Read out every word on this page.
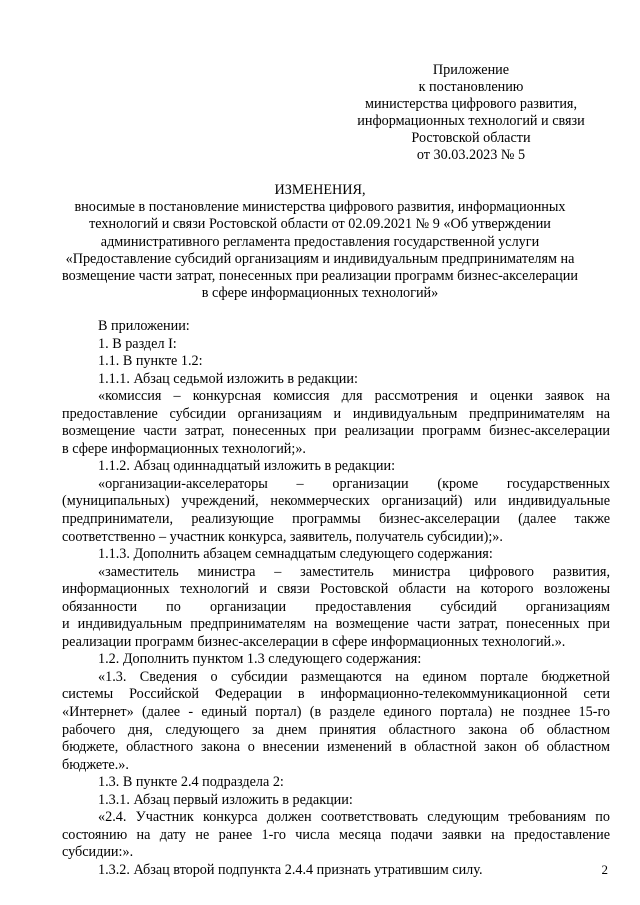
Приложение
к постановлению
министерства цифрового развития,
информационных технологий и связи
Ростовской области
от 30.03.2023 № 5
ИЗМЕНЕНИЯ,
вносимые в постановление министерства цифрового развития, информационных
технологий и связи Ростовской области от 02.09.2021 № 9 «Об утверждении
административного регламента предоставления государственной услуги
«Предоставление субсидий организациям и индивидуальным предпринимателям на
возмещение части затрат, понесенных при реализации программ бизнес-акселерации
в сфере информационных технологий»
В приложении:
1. В раздел I:
1.1. В пункте 1.2:
1.1.1. Абзац седьмой изложить в редакции:
«комиссия – конкурсная комиссия для рассмотрения и оценки заявок на
предоставление субсидии организациям и индивидуальным предпринимателям на
возмещение части затрат, понесенных при реализации программ бизнес-акселерации
в сфере информационных технологий;».
1.1.2. Абзац одиннадцатый изложить в редакции:
«организации-акселераторы – организации (кроме государственных
(муниципальных) учреждений, некоммерческих организаций) или индивидуальные
предприниматели, реализующие программы бизнес-акселерации (далее также
соответственно – участник конкурса, заявитель, получатель субсидии);».
1.1.3. Дополнить абзацем семнадцатым следующего содержания:
«заместитель министра – заместитель министра цифрового развития,
информационных технологий и связи Ростовской области на которого возложены
обязанности по организации предоставления субсидий организациям
и индивидуальным предпринимателям на возмещение части затрат, понесенных при
реализации программ бизнес-акселерации в сфере информационных технологий.».
1.2. Дополнить пунктом 1.3 следующего содержания:
«1.3. Сведения о субсидии размещаются на едином портале бюджетной
системы Российской Федерации в информационно-телекоммуникационной сети
«Интернет» (далее - единый портал) (в разделе единого портала) не позднее 15-го
рабочего дня, следующего за днем принятия областного закона об областном
бюджете, областного закона о внесении изменений в областной закон об областном
бюджете.».
1.3. В пункте 2.4 подраздела 2:
1.3.1. Абзац первый изложить в редакции:
«2.4. Участник конкурса должен соответствовать следующим требованиям по
состоянию на дату не ранее 1-го числа месяца подачи заявки на предоставление
субсидии:».
1.3.2. Абзац второй подпункта 2.4.4 признать утратившим силу.	2
